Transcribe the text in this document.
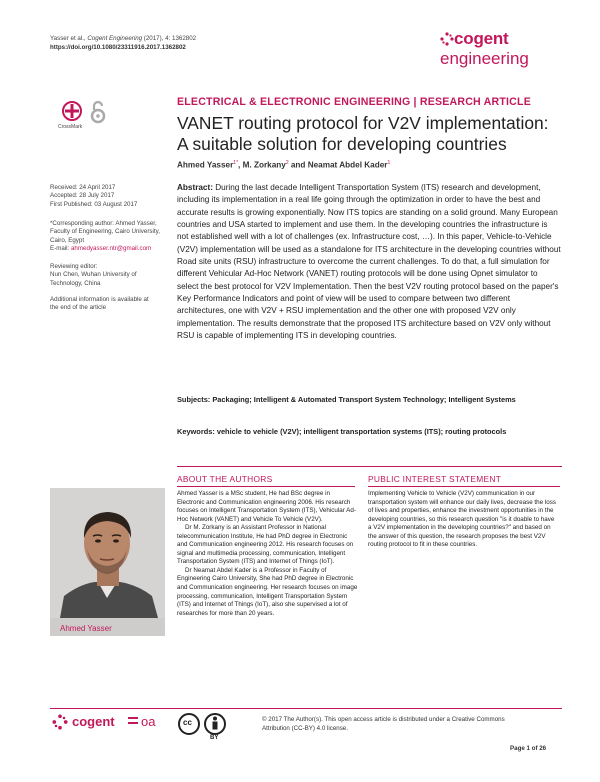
Yasser et al., Cogent Engineering (2017), 4: 1362802
https://doi.org/10.1080/23311916.2017.1362802	cogent
engineering
CrossMark
Received: 24 April 2017
Accepted: 28 July 2017
First Published: 03 August 2017
*Corresponding author: Ahmed Yasser,
Faculty of Engineering, Cairo University,
Cairo, Egypt
E-mail: ahmedyasser.ntr@gmail.com
Reviewing editor:
Nun Chen, Wuhan University of
Technology, China
Additional information is available at
the end of the article
ELECTRICAL & ELECTRONIC ENGINEERING | RESEARCH ARTICLE
VANET routing protocol for V2V implementation:
A suitable solution for developing countries
Ahmed Yasser$^{1*}$, M. Zorkany$^2$ and Neamat Abdel Kader$^1$
Abstract: During the last decade Intelligent Transportation System (ITS) research and development, including its implementation in a real life going through the optimization in order to have the best and accurate results is growing exponentially. Now ITS topics are standing on a solid ground. Many European countries and USA started to implement and use them. In the developing countries the infrastructure is not established well with a lot of challenges (ex. Infrastructure cost, …). In this paper, Vehicle-to-Vehicle (V2V) implementation will be used as a standalone for ITS architecture in the developing countries without Road site units (RSU) infrastructure to overcome the current challenges. To do that, a full simulation for different Vehicular Ad-Hoc Network (VANET) routing protocols will be done using Opnet simulator to select the best protocol for V2V Implementation. Then the best V2V routing protocol based on the paper's Key Performance Indicators and point of view will be used to compare between two different architectures, one with V2V + RSU implementation and the other one with proposed V2V only implementation. The results demonstrate that the proposed ITS architecture based on V2V only without RSU is capable of implementing ITS in developing countries.
Subjects: Packaging; Intelligent & Automated Transport System Technology; Intelligent Systems
Keywords: vehicle to vehicle (V2V); intelligent transportation systems (ITS); routing protocols
ABOUT THE AUTHORS	PUBLIC INTEREST STATEMENT
Ahmed Yasser

Ahmed Yasser is a MSc student, He had BSc degree in Electronic and Communication engineering 2006. His research focuses on Intelligent Transportation System (ITS), Vehicular Ad-Hoc Network (VANET) and Vehicle To Vehicle (V2V).

Dr M. Zorkany is an Assistant Professor in National telecommunication Institute, He had PhD degree in Electronic and Communication engineering 2012. His research focuses on signal and multimedia processing, communication, Intelligent Transportation System (ITS) and Internet of Things (IoT).

Dr Neamat Abdel Kader is a Professor in Faculty of Engineering Cairo University, She had PhD degree in Electronic and Communication engineering. Her research focuses on image processing, communication, Intelligent Transportation System (ITS) and Internet of Things (IoT), also she supervised a lot of researches for more than 20 years.

Implementing Vehicle to Vehicle (V2V) communication in our transportation system will enhance our daily lives, decrease the loss of lives and properties, enhance the investment opportunities in the developing countries, so this research question "is it doable to have a V2V implementation in the developing countries?" and based on the answer of this question, the research proposes the best V2V routing protocol to fit in these countries.
cogent oa	cc
BY
© 2017 The Author(s). This open access article is distributed under a Creative Commons
Attribution (CC-BY) 4.0 license.
Page 1 of 26
